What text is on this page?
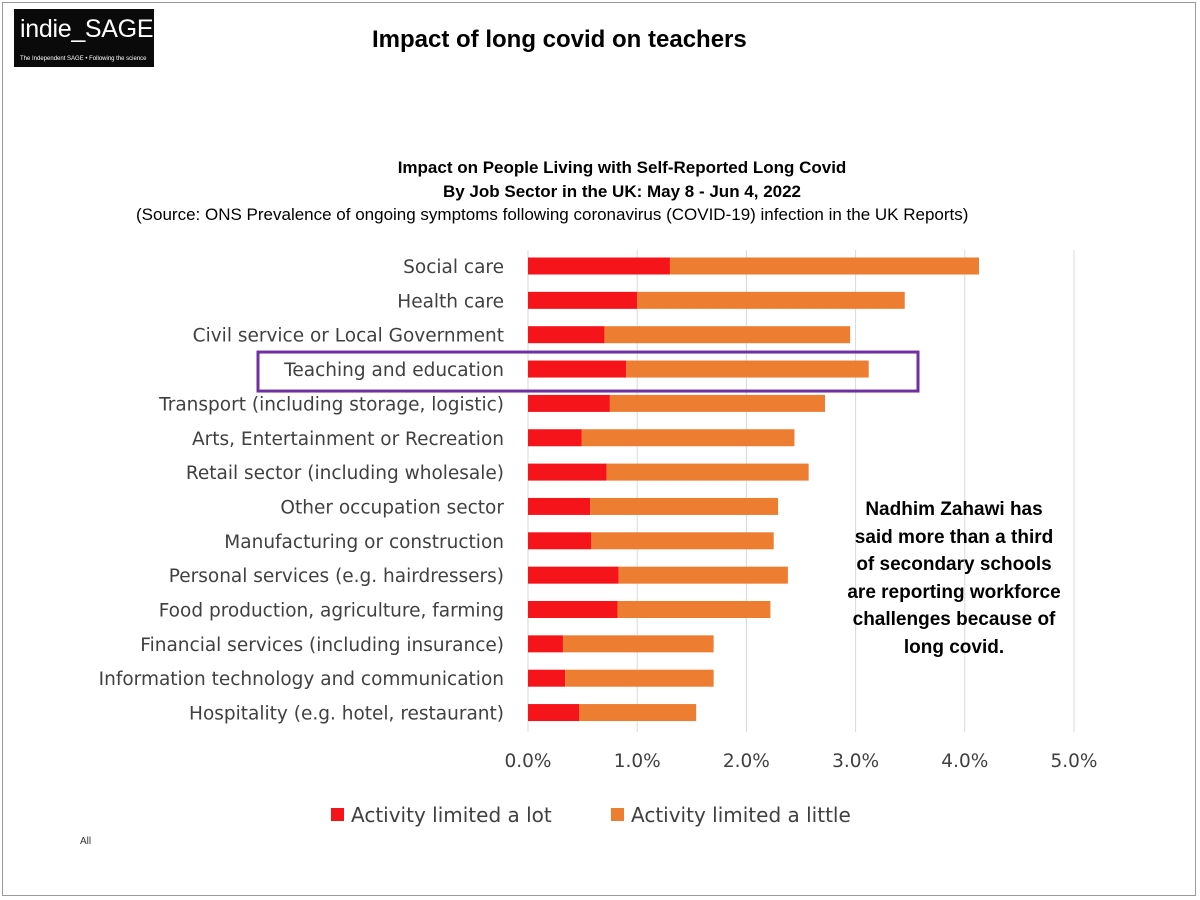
indie_SAGE
The Independent SAGE • Following the science
Impact of long covid on teachers
Impact on People Living with Self-Reported Long Covid
By Job Sector in the UK: May 8 - Jun 4, 2022
(Source: ONS Prevalence of ongoing symptoms following coronavirus (COVID-19) infection in the UK Reports)
Social care
Health care
Civil service or Local Government
Teaching and education
Transport (including storage, logistic)
Arts, Entertainment or Recreation
Retail sector (including wholesale)
Other occupation sector
Manufacturing or construction
Personal services (e.g. hairdressers)
Food production, agriculture, farming
Financial services (including insurance)
Information technology and communication
Hospitality (e.g. hotel, restaurant)
0.0%	1.0%	2.0%	3.0%	4.0%	5.0%
Activity limited a lot	Activity limited a little
Nadhim Zahawi has
said more than a third
of secondary schools
are reporting workforce
challenges because of
long covid.
All
